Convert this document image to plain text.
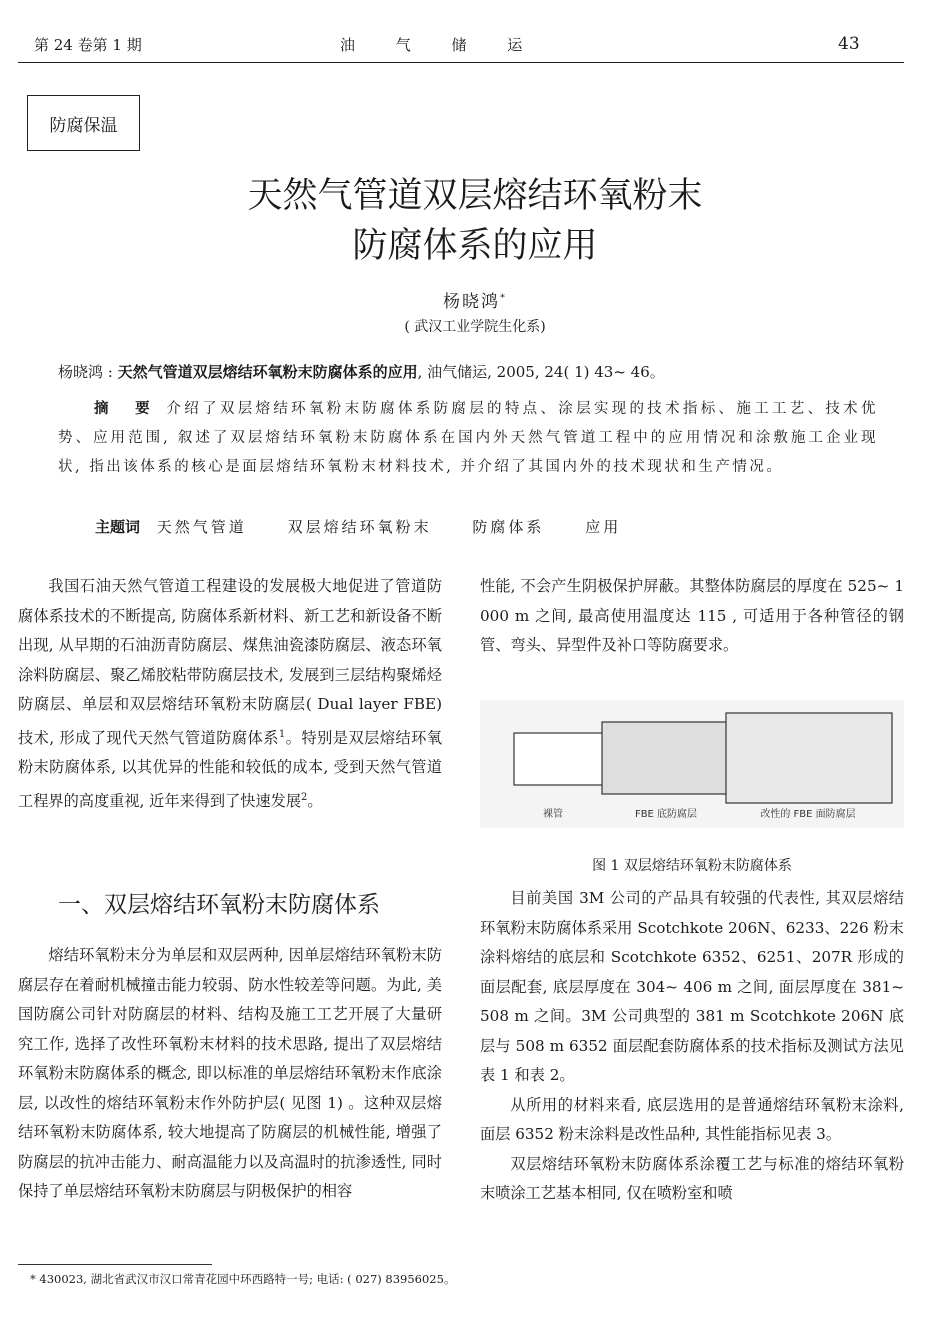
第 24 卷第 1 期	油 气 储 运	43
防腐保温
天然气管道双层熔结环氧粉末
防腐体系的应用
杨晓鸿*
( 武汉工业学院生化系)
杨晓鸿 : 天然气管道双层熔结环氧粉末防腐体系的应用, 油气储运, 2005, 24( 1) 43~ 46。
摘 要 介绍了双层熔结环氧粉末防腐体系防腐层的特点、涂层实现的技术指标、施工工艺、技术优势、应用范围, 叙述了双层熔结环氧粉末防腐体系在国内外天然气管道工程中的应用情况和涂敷施工企业现状, 指出该体系的核心是面层熔结环氧粉末材料技术, 并介绍了其国内外的技术现状和生产情况。
主题词 天然气管道	双层熔结环氧粉末	防腐体系	应用

我国石油天然气管道工程建设的发展极大地促进了管道防腐体系技术的不断提高, 防腐体系新材料、新工艺和新设备不断出现, 从早期的石油沥青防腐层、煤焦油瓷漆防腐层、液态环氧涂料防腐层、聚乙烯胶粘带防腐层技术, 发展到三层结构聚烯烃防腐层、单层和双层熔结环氧粉末防腐层( Dual layer FBE) 技术, 形成了现代天然气管道防腐体系$^1$。特别是双层熔结环氧粉末防腐体系, 以其优异的性能和较低的成本, 受到天然气管道工程界的高度重视, 近年来得到了快速发展$^2$。

一、双层熔结环氧粉末防腐体系

熔结环氧粉末分为单层和双层两种, 因单层熔结环氧粉末防腐层存在着耐机械撞击能力较弱、防水性较差等问题。为此, 美国防腐公司针对防腐层的材料、结构及施工工艺开展了大量研究工作, 选择了改性环氧粉末材料的技术思路, 提出了双层熔结环氧粉末防腐体系的概念, 即以标准的单层熔结环氧粉末作底涂层, 以改性的熔结环氧粉末作外防护层( 见图 1) 。这种双层熔结环氧粉末防腐体系, 较大地提高了防腐层的机械性能, 增强了防腐层的抗冲击能力、耐高温能力以及高温时的抗渗透性, 同时保持了单层熔结环氧粉末防腐层与阴极保护的相容

性能, 不会产生阴极保护屏蔽。其整体防腐层的厚度在 525~ 1 000 m 之间, 最高使用温度达 115 , 可适用于各种管径的钢管、弯头、异型件及补口等防腐要求。

裸管	FBE 底防腐层	改性的 FBE 面防腐层
图 1 双层熔结环氧粉末防腐体系

目前美国 3M 公司的产品具有较强的代表性, 其双层熔结环氧粉末防腐体系采用 Scotchkote 206N、6233、226 粉末涂料熔结的底层和 Scotchkote 6352、6251、207R 形成的面层配套, 底层厚度在 304~ 406 m 之间, 面层厚度在 381~ 508 m 之间。3M 公司典型的 381 m Scotchkote 206N 底层与 508 m 6352 面层配套防腐体系的技术指标及测试方法见表 1 和表 2。

从所用的材料来看, 底层选用的是普通熔结环氧粉末涂料, 面层 6352 粉末涂料是改性品种, 其性能指标见表 3。

双层熔结环氧粉末防腐体系涂覆工艺与标准的熔结环氧粉末喷涂工艺基本相同, 仅在喷粉室和喷

* 430023, 湖北省武汉市汉口常青花园中环西路特一号; 电话: ( 027) 83956025。
